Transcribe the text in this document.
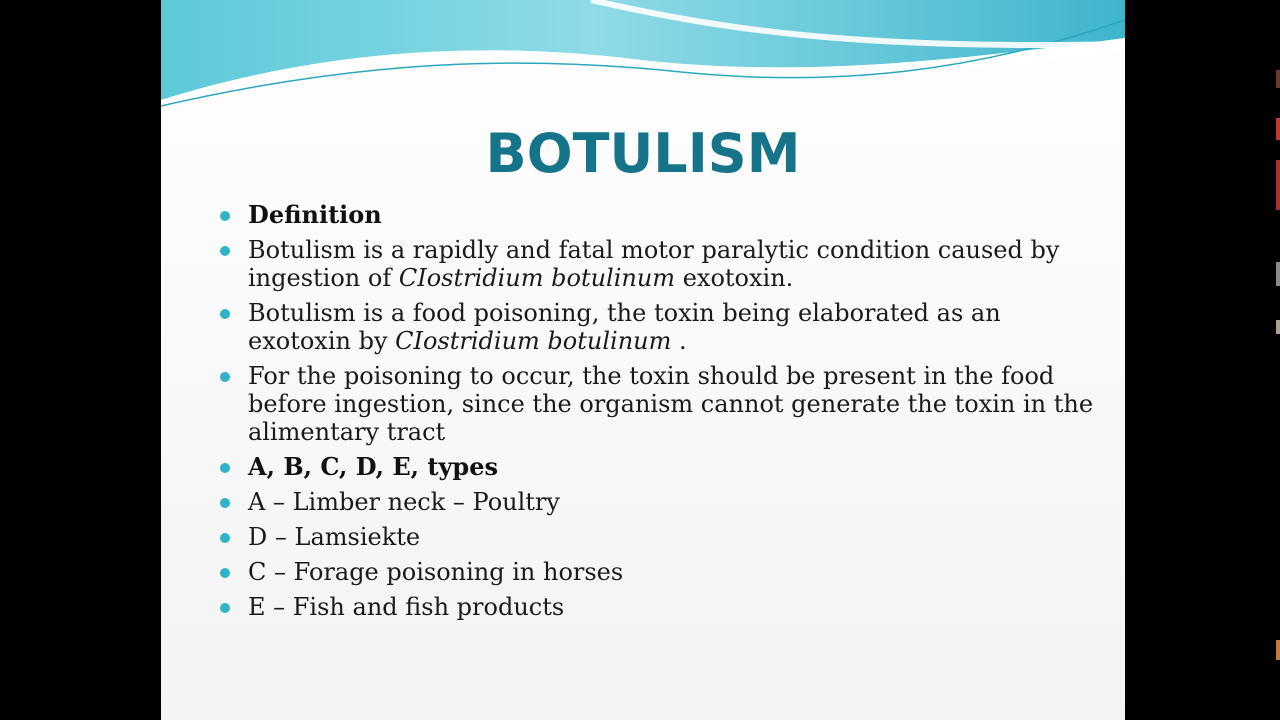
BOTULISM
Definition
Botulism is a rapidly and fatal motor paralytic condition caused by ingestion of CIostridium botulinum exotoxin.
Botulism is a food poisoning, the toxin being elaborated as an exotoxin by CIostridium botulinum .
For the poisoning to occur, the toxin should be present in the food before ingestion, since the organism cannot generate the toxin in the alimentary tract
A, B, C, D, E, types
A – Limber neck – Poultry
D – Lamsiekte
C – Forage poisoning in horses
E – Fish and fish products
